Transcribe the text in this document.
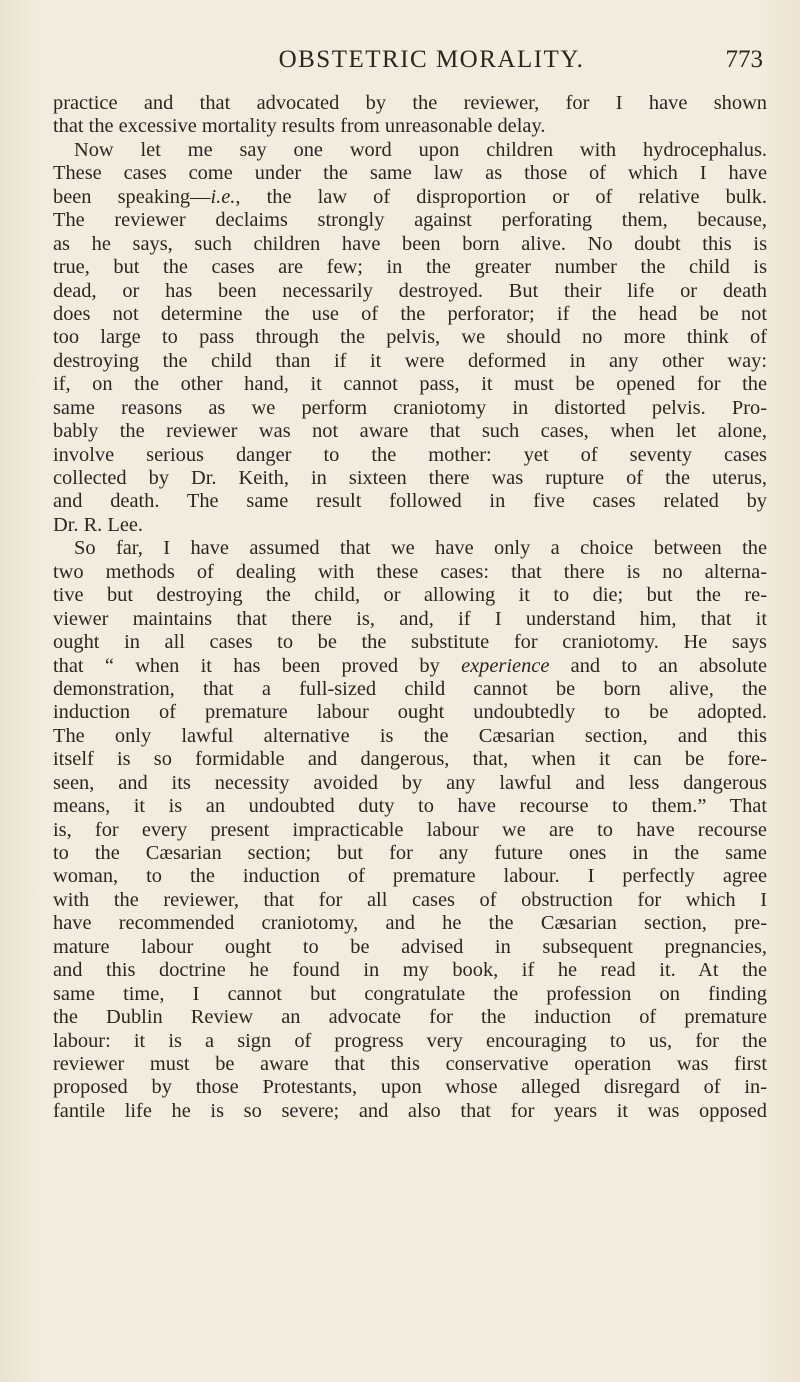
OBSTETRIC MORALITY.	773
practice and that advocated by the reviewer, for I have shown
that the excessive mortality results from unreasonable delay.
Now let me say one word upon children with hydrocephalus.
These cases come under the same law as those of which I have
been speaking—i.e., the law of disproportion or of relative bulk.
The reviewer declaims strongly against perforating them, because,
as he says, such children have been born alive. No doubt this is
true, but the cases are few; in the greater number the child is
dead, or has been necessarily destroyed. But their life or death
does not determine the use of the perforator; if the head be not
too large to pass through the pelvis, we should no more think of
destroying the child than if it were deformed in any other way:
if, on the other hand, it cannot pass, it must be opened for the
same reasons as we perform craniotomy in distorted pelvis. Pro-
bably the reviewer was not aware that such cases, when let alone,
involve serious danger to the mother: yet of seventy cases
collected by Dr. Keith, in sixteen there was rupture of the uterus,
and death. The same result followed in five cases related by
Dr. R. Lee.
So far, I have assumed that we have only a choice between the
two methods of dealing with these cases: that there is no alterna-
tive but destroying the child, or allowing it to die; but the re-
viewer maintains that there is, and, if I understand him, that it
ought in all cases to be the substitute for craniotomy. He says
that “ when it has been proved by experience and to an absolute
demonstration, that a full-sized child cannot be born alive, the
induction of premature labour ought undoubtedly to be adopted.
The only lawful alternative is the Cæsarian section, and this
itself is so formidable and dangerous, that, when it can be fore-
seen, and its necessity avoided by any lawful and less dangerous
means, it is an undoubted duty to have recourse to them.” That
is, for every present impracticable labour we are to have recourse
to the Cæsarian section; but for any future ones in the same
woman, to the induction of premature labour. I perfectly agree
with the reviewer, that for all cases of obstruction for which I
have recommended craniotomy, and he the Cæsarian section, pre-
mature labour ought to be advised in subsequent pregnancies,
and this doctrine he found in my book, if he read it. At the
same time, I cannot but congratulate the profession on finding
the Dublin Review an advocate for the induction of premature
labour: it is a sign of progress very encouraging to us, for the
reviewer must be aware that this conservative operation was first
proposed by those Protestants, upon whose alleged disregard of in-
fantile life he is so severe; and also that for years it was opposed
